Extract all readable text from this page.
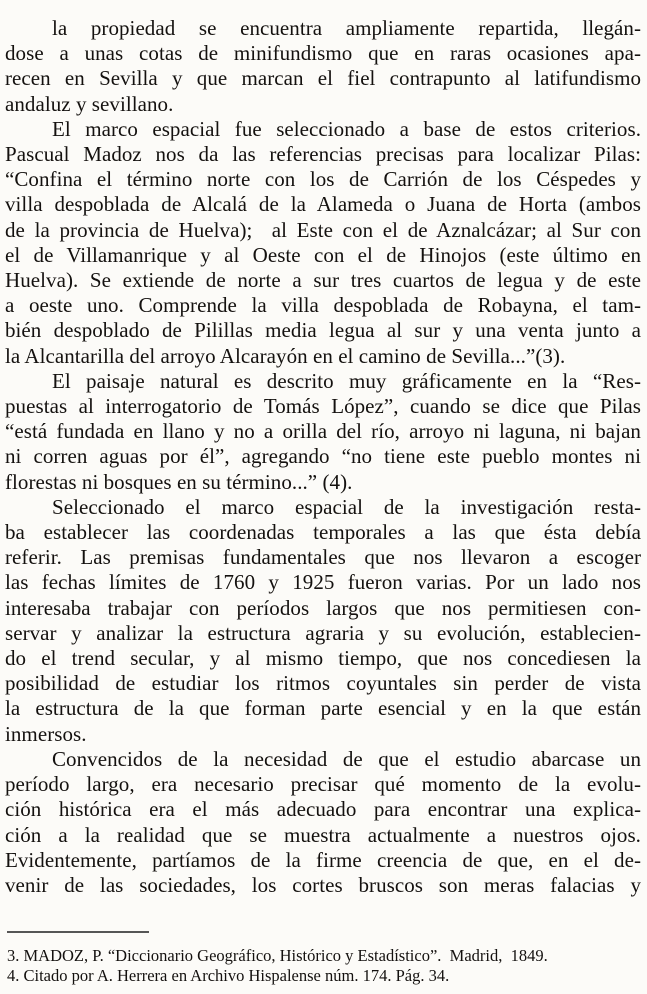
la propiedad se encuentra ampliamente repartida, llegán-
dose a unas cotas de minifundismo que en raras ocasiones apa-
recen en Sevilla y que marcan el fiel contrapunto al latifundismo
andaluz y sevillano.
El marco espacial fue seleccionado a base de estos criterios.
Pascual Madoz nos da las referencias precisas para localizar Pilas:
“Confina el término norte con los de Carrión de los Céspedes y
villa despoblada de Alcalá de la Alameda o Juana de Horta (ambos
de la provincia de Huelva);  al Este con el de Aznalcázar; al Sur con
el de Villamanrique y al Oeste con el de Hinojos (este último en
Huelva). Se extiende de norte a sur tres cuartos de legua y de este
a oeste uno. Comprende la villa despoblada de Robayna, el tam-
bién despoblado de Pilillas media legua al sur y una venta junto a
la Alcantarilla del arroyo Alcarayón en el camino de Sevilla...”(3).
El paisaje natural es descrito muy gráficamente en la “Res-
puestas al interrogatorio de Tomás López”, cuando se dice que Pilas
“está fundada en llano y no a orilla del río, arroyo ni laguna, ni bajan
ni corren aguas por él”, agregando “no tiene este pueblo montes ni
florestas ni bosques en su término...” (4).
Seleccionado el marco espacial de la investigación resta-
ba establecer las coordenadas temporales a las que ésta debía
referir. Las premisas fundamentales que nos llevaron a escoger
las fechas límites de 1760 y 1925 fueron varias. Por un lado nos
interesaba trabajar con períodos largos que nos permitiesen con-
servar y analizar la estructura agraria y su evolución, establecien-
do el trend secular, y al mismo tiempo, que nos concediesen la
posibilidad de estudiar los ritmos coyuntales sin perder de vista
la estructura de la que forman parte esencial y en la que están
inmersos.
Convencidos de la necesidad de que el estudio abarcase un
período largo, era necesario precisar qué momento de la evolu-
ción histórica era el más adecuado para encontrar una explica-
ción a la realidad que se muestra actualmente a nuestros ojos.
Evidentemente, partíamos de la firme creencia de que, en el de-
venir de las sociedades, los cortes bruscos son meras falacias y
3. MADOZ, P. “Diccionario Geográfico, Histórico y Estadístico”.  Madrid,  1849.
4. Citado por A. Herrera en Archivo Hispalense núm. 174. Pág. 34.
